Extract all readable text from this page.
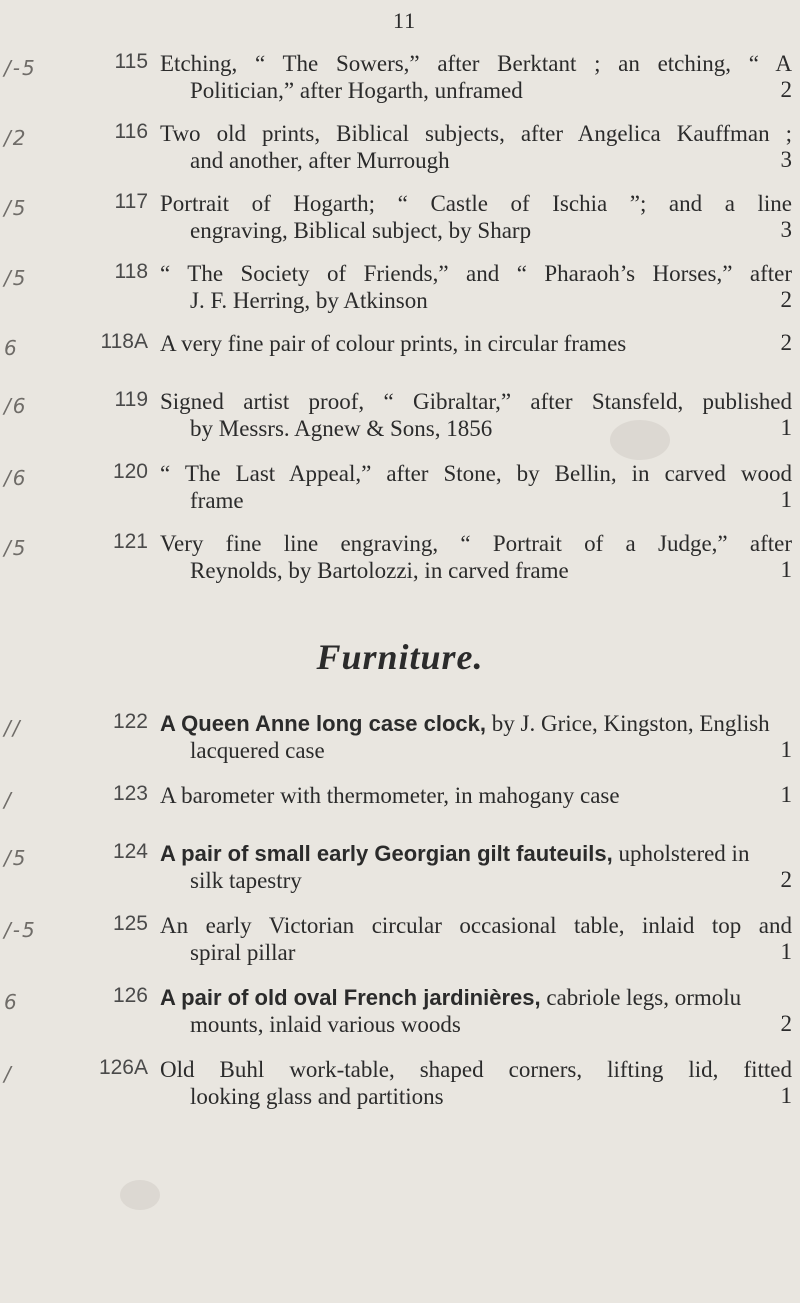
11
/-5	115 Etching, “ The Sowers,” after Berktant ; an etching, “ A
Politician,” after Hogarth, unframed	2
/2	116 Two old prints, Biblical subjects, after Angelica Kauffman ;
and another, after Murrough	3
/5	117 Portrait of Hogarth; “ Castle of Ischia ”; and a line
engraving, Biblical subject, by Sharp	3
/5	118 “ The Society of Friends,” and “ Pharaoh’s Horses,” after
J. F. Herring, by Atkinson	2
6	118A A very fine pair of colour prints, in circular frames	2
/6	119 Signed artist proof, “ Gibraltar,” after Stansfeld, published
by Messrs. Agnew & Sons, 1856	1
/6	120 “ The Last Appeal,” after Stone, by Bellin, in carved wood
frame	1
/5	121 Very fine line engraving, “ Portrait of a Judge,” after
Reynolds, by Bartolozzi, in carved frame	1
Furniture.
//	122 A Queen Anne long case clock, by J. Grice, Kingston, English
lacquered case	1
/	123 A barometer with thermometer, in mahogany case	1
/5	124 A pair of small early Georgian gilt fauteuils, upholstered in
silk tapestry	2
/-5	125 An early Victorian circular occasional table, inlaid top and
spiral pillar	1
6	126 A pair of old oval French jardinières, cabriole legs, ormolu
mounts, inlaid various woods	2
/	126A Old Buhl work-table, shaped corners, lifting lid, fitted
looking glass and partitions	1
